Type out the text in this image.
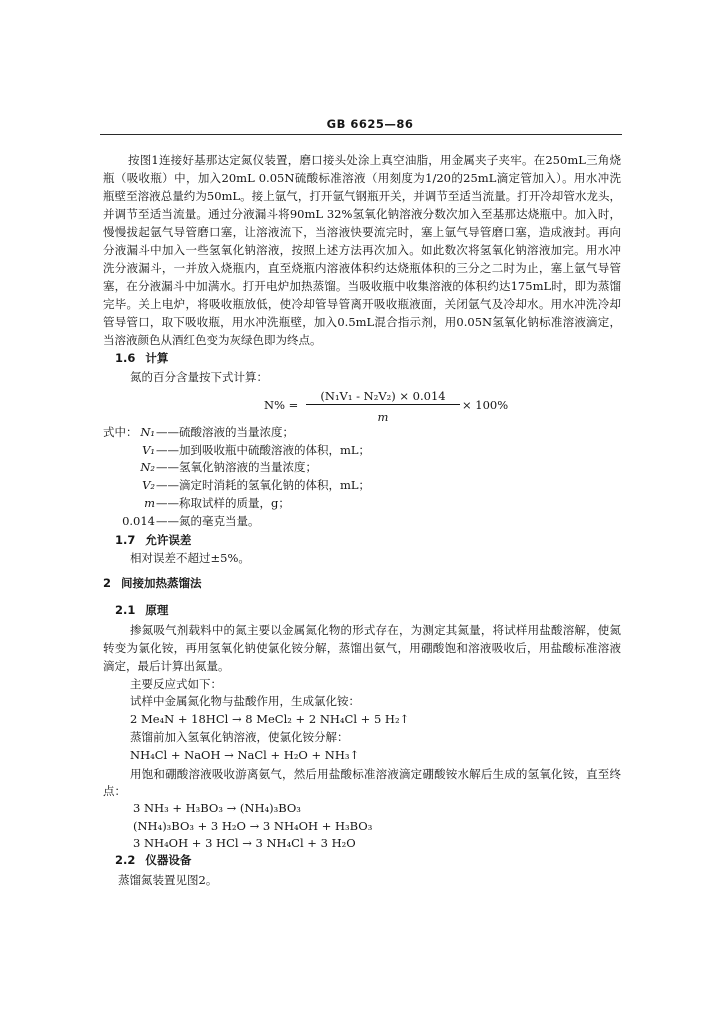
GB 6625—86
按图1连接好基那达定氮仪装置，磨口接头处涂上真空油脂，用金属夹子夹牢。在250mL三角烧
瓶（吸收瓶）中，加入20mL 0.05N硫酸标准溶液（用刻度为1/20的25mL滴定管加入）。用水冲洗
瓶壁至溶液总量约为50mL。接上氩气，打开氩气钢瓶开关，并调节至适当流量。打开冷却管水龙头，
并调节至适当流量。通过分液漏斗将90mL 32%氢氧化钠溶液分数次加入至基那达烧瓶中。加入时，
慢慢拔起氩气导管磨口塞，让溶液流下，当溶液快要流完时，塞上氩气导管磨口塞，造成液封。再向
分液漏斗中加入一些氢氧化钠溶液，按照上述方法再次加入。如此数次将氢氧化钠溶液加完。用水冲
洗分液漏斗，一并放入烧瓶内，直至烧瓶内溶液体积约达烧瓶体积的三分之二时为止，塞上氩气导管
塞，在分液漏斗中加满水。打开电炉加热蒸馏。当吸收瓶中收集溶液的体积约达175mL时，即为蒸馏
完毕。关上电炉，将吸收瓶放低，使冷却管导管离开吸收瓶液面，关闭氩气及冷却水。用水冲洗冷却
管导管口，取下吸收瓶，用水冲洗瓶壁，加入0.5mL混合指示剂，用0.05N氢氧化钠标准溶液滴定，
当溶液颜色从酒红色变为灰绿色即为终点。
1.6 计算
氮的百分含量按下式计算：
N% =
(N₁V₁ - N₂V₂) × 0.014
m
× 100%
式中： N₁ ——硫酸溶液的当量浓度；
V₁ ——加到吸收瓶中硫酸溶液的体积，mL；
N₂ ——氢氧化钠溶液的当量浓度；
V₂ ——滴定时消耗的氢氧化钠的体积，mL；
m ——称取试样的质量，g；
0.014 ——氮的毫克当量。
1.7 允许误差
相对误差不超过±5%。
2 间接加热蒸馏法
2.1 原理
掺氮吸气剂载料中的氮主要以金属氮化物的形式存在，为测定其氮量，将试样用盐酸溶解，使氮
转变为氯化铵，再用氢氧化钠使氯化铵分解，蒸馏出氨气，用硼酸饱和溶液吸收后，用盐酸标准溶液
滴定，最后计算出氮量。
主要反应式如下：
试样中金属氮化物与盐酸作用，生成氯化铵：
2 Me₄N + 18HCl → 8 MeCl₂ + 2 NH₄Cl + 5 H₂↑
蒸馏前加入氢氧化钠溶液，使氯化铵分解：
NH₄Cl + NaOH → NaCl + H₂O + NH₃↑
用饱和硼酸溶液吸收游离氨气，然后用盐酸标准溶液滴定硼酸铵水解后生成的氢氧化铵，直至终
点：
3 NH₃ + H₃BO₃ → (NH₄)₃BO₃
(NH₄)₃BO₃ + 3 H₂O → 3 NH₄OH + H₃BO₃
3 NH₄OH + 3 HCl → 3 NH₄Cl + 3 H₂O
2.2 仪器设备
蒸馏氮装置见图2。
